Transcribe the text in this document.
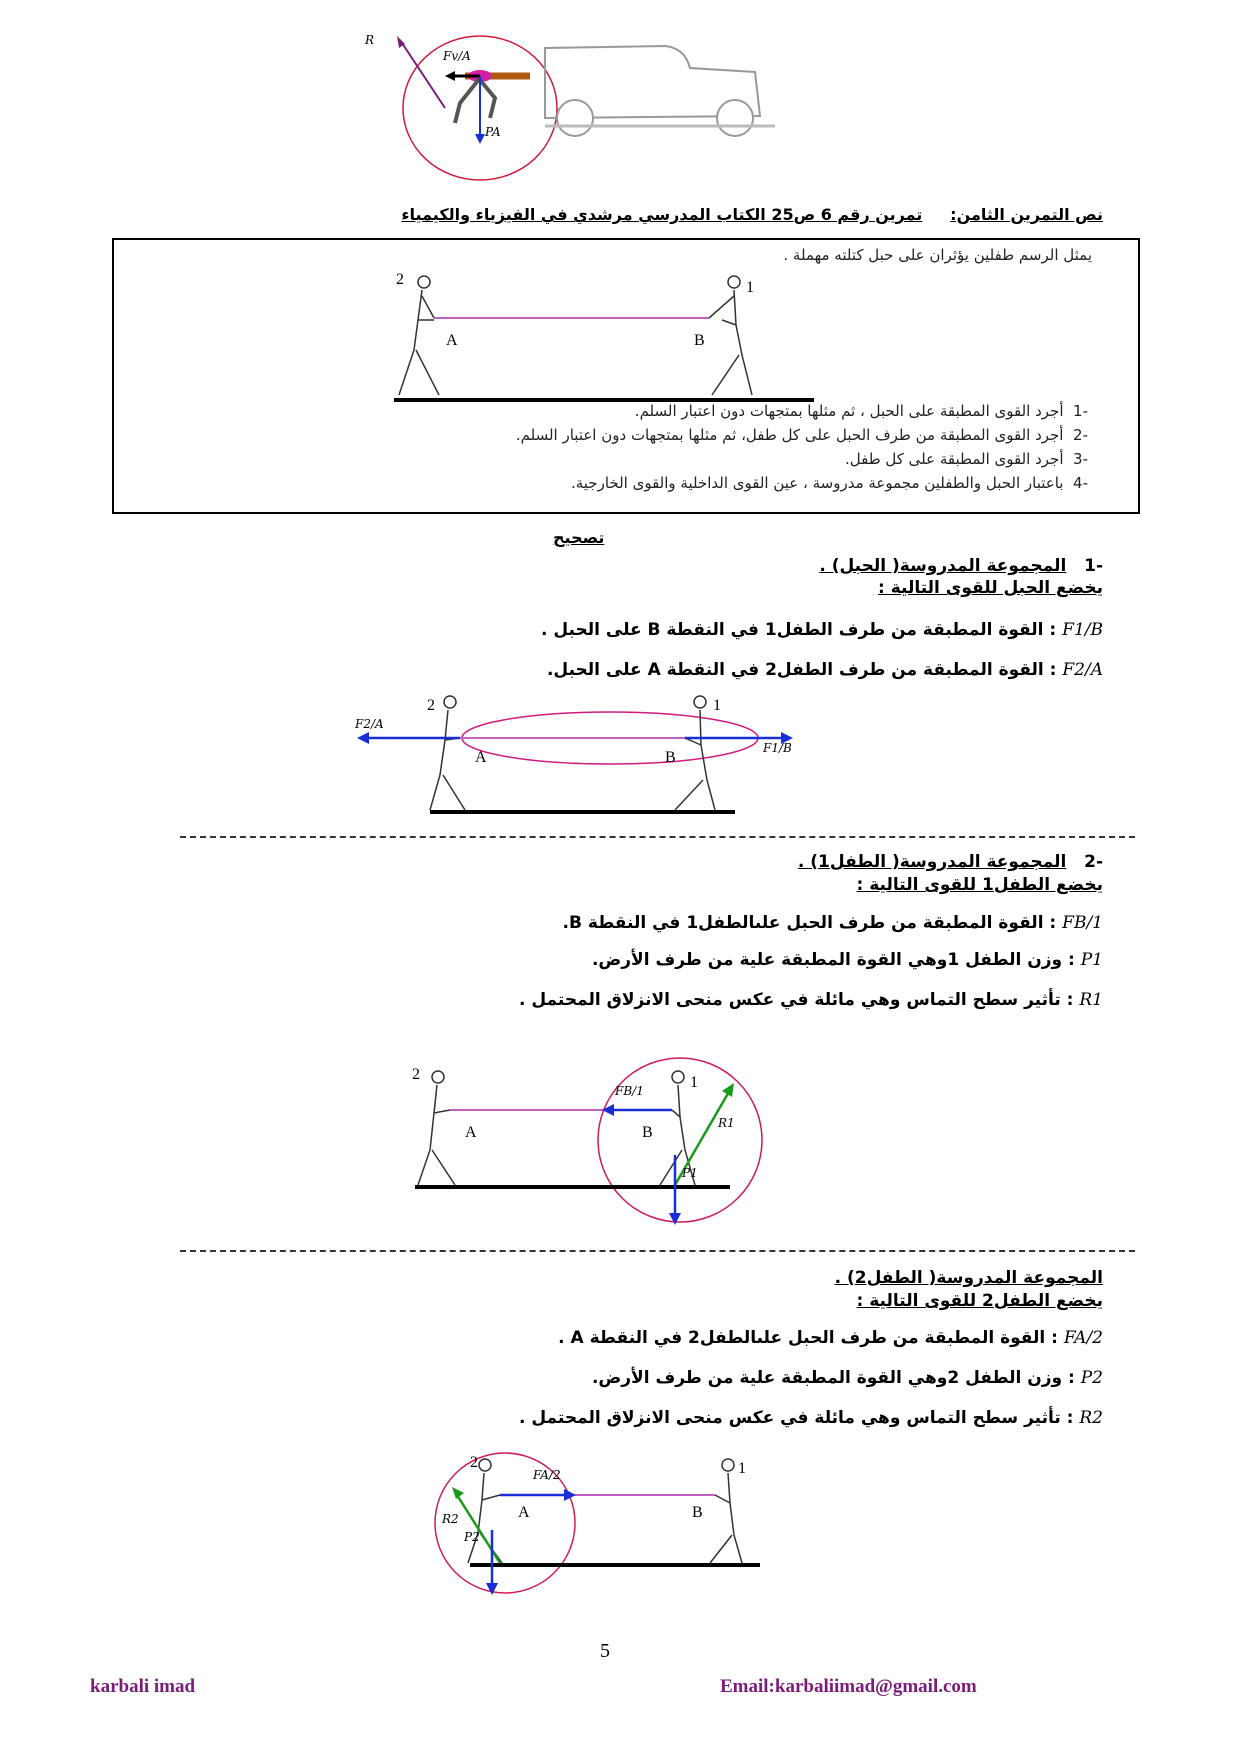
R
Fv/A
PA
نص التمرين الثامن:     تمرين رقم 6 ص25 الكتاب المدرسي مرشدي في الفيزياء والكيمياء
يمثل الرسم طفلين يؤثران على حبل كتلته مهملة .
2	1
A	B
-1  أجرد القوى المطبقة على الحبل ، ثم مثلها بمتجهات دون اعتبار السلم.
-2  أجرد القوى المطبقة من طرف الحبل على كل طفل، ثم مثلها بمتجهات دون اعتبار السلم.
-3  أجرد القوى المطبقة على كل طفل.
-4  باعتبار الحبل والطفلين مجموعة مدروسة ، عين القوى الداخلية والقوى الخارجية.
تصحيح
-1   المجموعة المدروسة( الحبل) .
يخضع الحبل للقوى التالية :
F1/B : القوة المطبقة من طرف الطفل1 في النقطة B على الحبل .
F2/A : القوة المطبقة من طرف الطفل2 في النقطة A على الحبل.
2	1
A	B
F2/A
F1/B
-2   المجموعة المدروسة( الطفل1) .
يخضع الطفل1 للقوى التالية :
FB/1 : القوة المطبقة من طرف الحبل علىالطفل1 في النقطة B.
P1 : وزن الطفل 1وهي القوة المطبقة علية من طرف الأرض.
R1 : تأثير سطح التماس وهي مائلة في عكس منحى الانزلاق المحتمل .
2	1
A	B
FB/1
R1
P1
المجموعة المدروسة( الطفل2) .
يخضع الطفل2 للقوى التالية :
FA/2 : القوة المطبقة من طرف الحبل علىالطفل2 في النقطة A .
P2 : وزن الطفل 2وهي القوة المطبقة علية من طرف الأرض.
R2 : تأثير سطح التماس وهي مائلة في عكس منحى الانزلاق المحتمل .
2	1
A	B
FA/2
R2
P2
5
karbali imad	Email:karbaliimad@gmail.com
